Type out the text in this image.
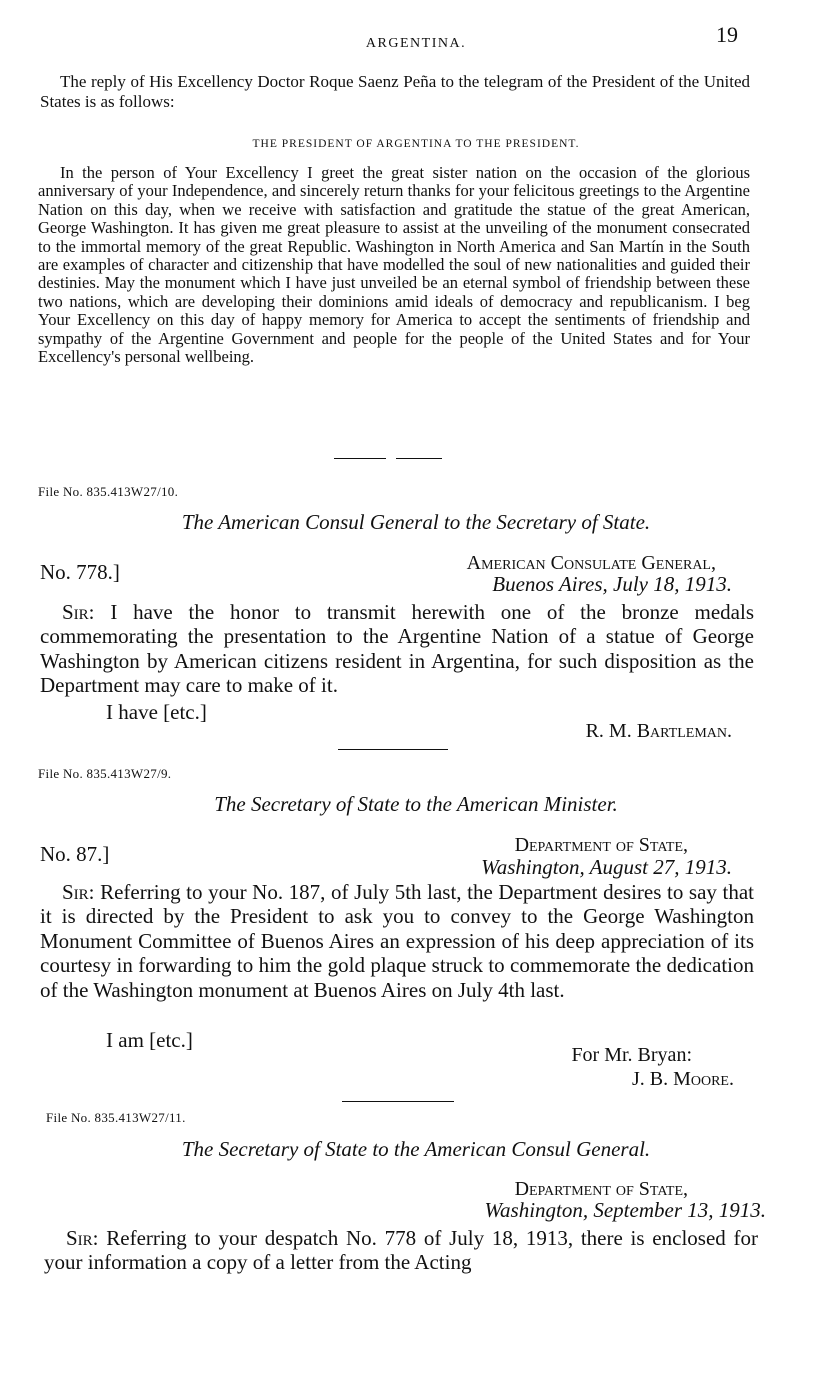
ARGENTINA.	19
The reply of His Excellency Doctor Roque Saenz Peña to the telegram of the President of the United States is as follows:
THE PRESIDENT OF ARGENTINA TO THE PRESIDENT.
In the person of Your Excellency I greet the great sister nation on the occasion of the glorious anniversary of your Independence, and sincerely return thanks for your felicitous greetings to the Argentine Nation on this day, when we receive with satisfaction and gratitude the statue of the great American, George Washington. It has given me great pleasure to assist at the unveiling of the monument consecrated to the immortal memory of the great Republic. Washington in North America and San Martín in the South are examples of character and citizenship that have modelled the soul of new nationalities and guided their destinies. May the monument which I have just unveiled be an eternal symbol of friendship between these two nations, which are developing their dominions amid ideals of democracy and republicanism. I beg Your Excellency on this day of happy memory for America to accept the sentiments of friendship and sympathy of the Argentine Government and people for the people of the United States and for Your Excellency's personal wellbeing.
File No. 835.413W27/10.
The American Consul General to the Secretary of State.
No. 778.]	American Consulate General,
Buenos Aires, July 18, 1913.
Sir: I have the honor to transmit herewith one of the bronze medals commemorating the presentation to the Argentine Nation of a statue of George Washington by American citizens resident in Argentina, for such disposition as the Department may care to make of it.
I have [etc.]
R. M. Bartleman.
File No. 835.413W27/9.
The Secretary of State to the American Minister.
No. 87.]	Department of State,
Washington, August 27, 1913.
Sir: Referring to your No. 187, of July 5th last, the Department desires to say that it is directed by the President to ask you to convey to the George Washington Monument Committee of Buenos Aires an expression of his deep appreciation of its courtesy in forwarding to him the gold plaque struck to commemorate the dedication of the Washington monument at Buenos Aires on July 4th last.
I am [etc.]
For Mr. Bryan:
J. B. Moore.
File No. 835.413W27/11.
The Secretary of State to the American Consul General.
Department of State,
Washington, September 13, 1913.
Sir: Referring to your despatch No. 778 of July 18, 1913, there is enclosed for your information a copy of a letter from the Acting
